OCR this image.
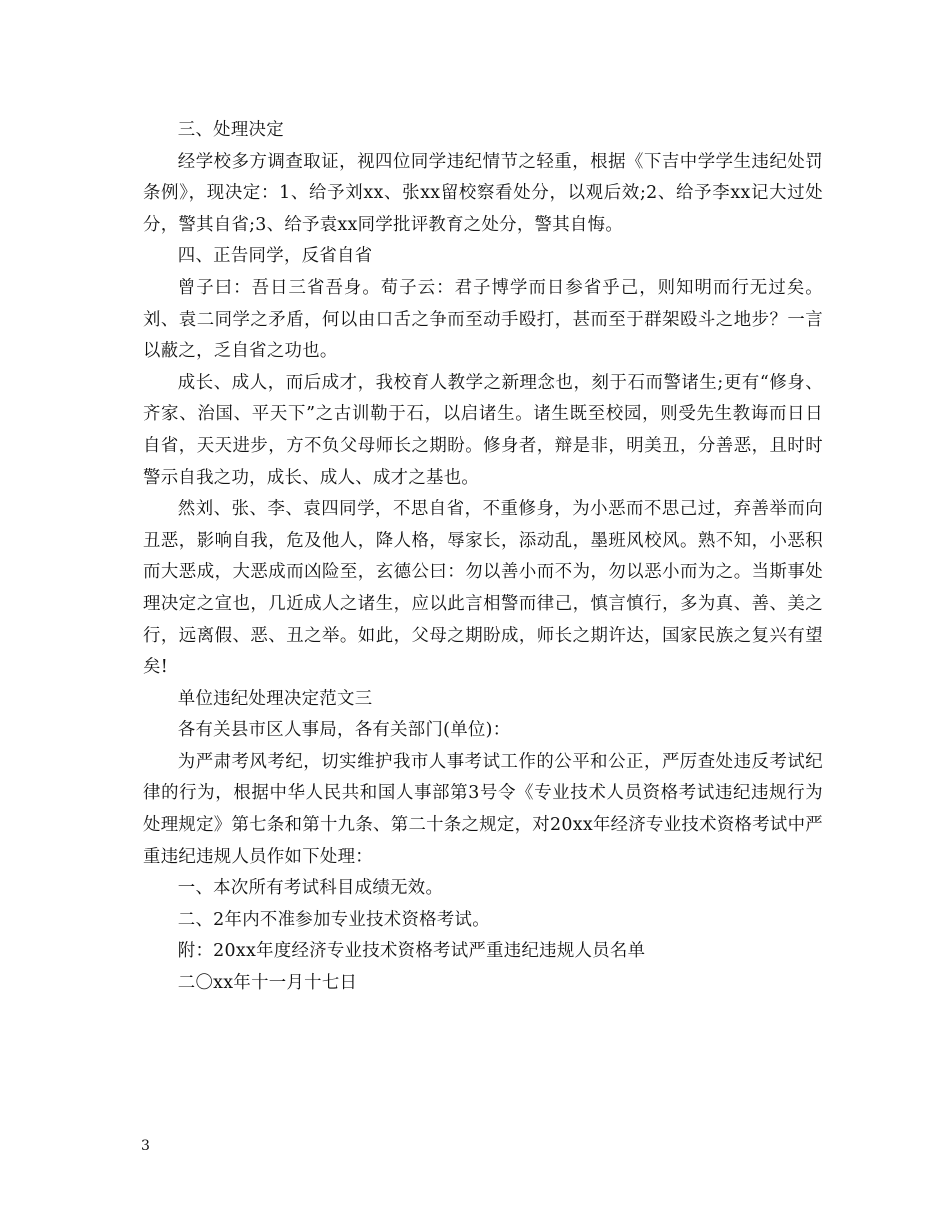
三、处理决定

经学校多方调查取证，视四位同学违纪情节之轻重，根据《下吉中学学生违纪处罚条例》，现决定：1、给予刘xx、张xx留校察看处分，以观后效;2、给予李xx记大过处分，警其自省;3、给予袁xx同学批评教育之处分，警其自悔。

四、正告同学，反省自省

曾子曰：吾日三省吾身。荀子云：君子博学而日参省乎己，则知明而行无过矣。刘、袁二同学之矛盾，何以由口舌之争而至动手殴打，甚而至于群架殴斗之地步？一言以蔽之，乏自省之功也。

成长、成人，而后成才，我校育人教学之新理念也，刻于石而警诸生;更有“修身、齐家、治国、平天下”之古训勒于石，以启诸生。诸生既至校园，则受先生教诲而日日自省，天天进步，方不负父母师长之期盼。修身者，辩是非，明美丑，分善恶，且时时警示自我之功，成长、成人、成才之基也。

然刘、张、李、袁四同学，不思自省，不重修身，为小恶而不思己过，弃善举而向丑恶，影响自我，危及他人，降人格，辱家长，添动乱，墨班风校风。熟不知，小恶积而大恶成，大恶成而凶险至，玄德公曰：勿以善小而不为，勿以恶小而为之。当斯事处理决定之宣也，几近成人之诸生，应以此言相警而律己，慎言慎行，多为真、善、美之行，远离假、恶、丑之举。如此，父母之期盼成，师长之期许达，国家民族之复兴有望矣!

单位违纪处理决定范文三

各有关县市区人事局，各有关部门(单位)：

为严肃考风考纪，切实维护我市人事考试工作的公平和公正，严厉查处违反考试纪律的行为，根据中华人民共和国人事部第3号令《专业技术人员资格考试违纪违规行为处理规定》第七条和第十九条、第二十条之规定，对20xx年经济专业技术资格考试中严重违纪违规人员作如下处理：

一、本次所有考试科目成绩无效。

二、2年内不准参加专业技术资格考试。

附：20xx年度经济专业技术资格考试严重违纪违规人员名单

二〇xx年十一月十七日

3
